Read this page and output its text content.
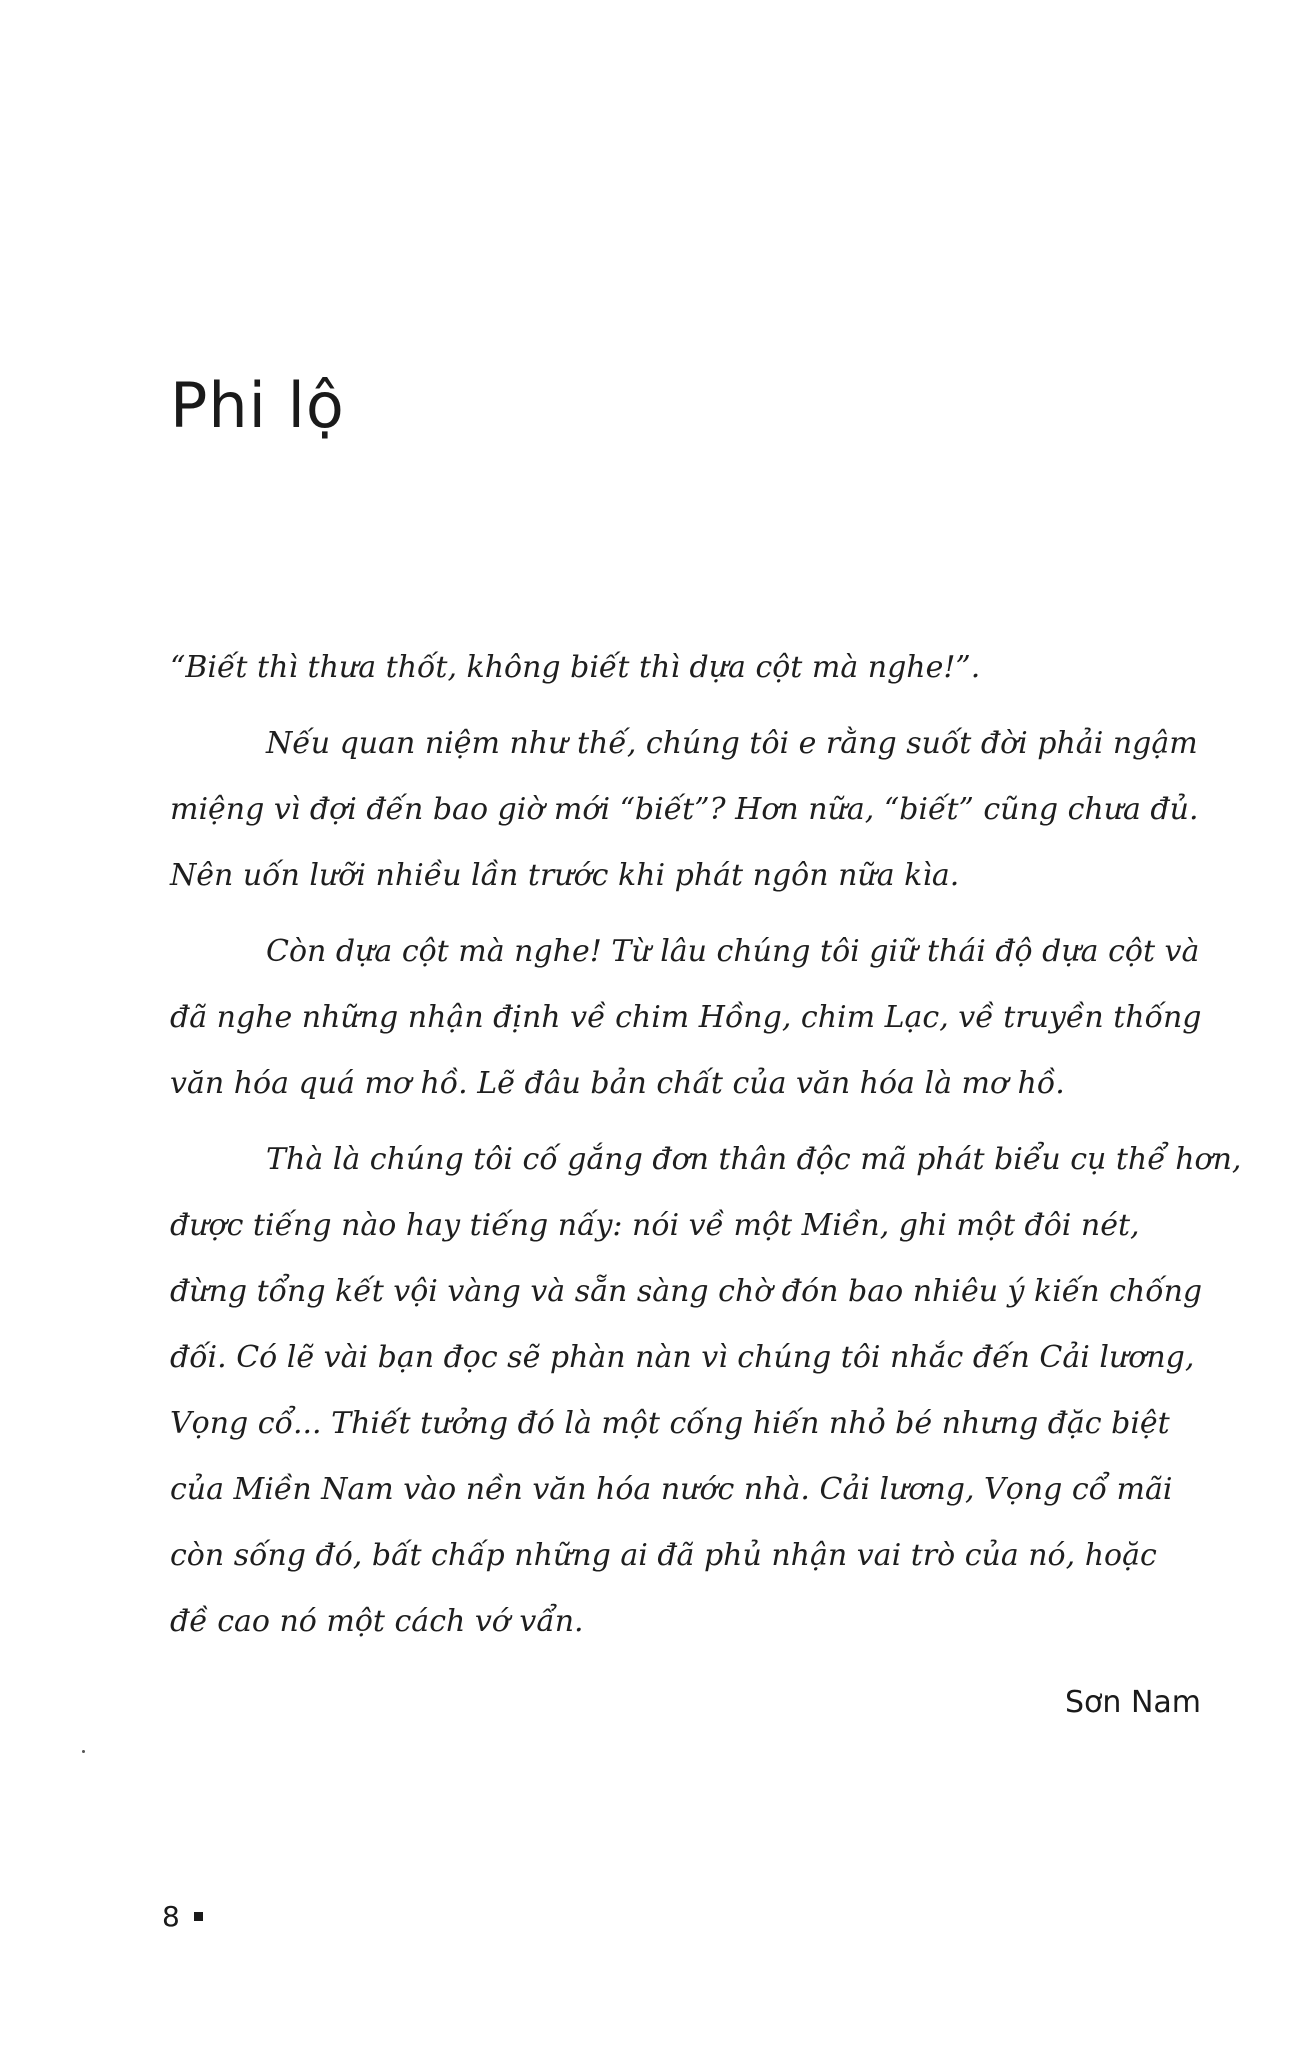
Phi lộ

“Biết thì thưa thốt, không biết thì dựa cột mà nghe!”.

Nếu quan niệm như thế, chúng tôi e rằng suốt đời phải ngậm
miệng vì đợi đến bao giờ mới “biết”? Hơn nữa, “biết” cũng chưa đủ.
Nên uốn lưỡi nhiều lần trước khi phát ngôn nữa kìa.

Còn dựa cột mà nghe! Từ lâu chúng tôi giữ thái độ dựa cột và
đã nghe những nhận định về chim Hồng, chim Lạc, về truyền thống
văn hóa quá mơ hồ. Lẽ đâu bản chất của văn hóa là mơ hồ.

Thà là chúng tôi cố gắng đơn thân độc mã phát biểu cụ thể hơn,
được tiếng nào hay tiếng nấy: nói về một Miền, ghi một đôi nét,
đừng tổng kết vội vàng và sẵn sàng chờ đón bao nhiêu ý kiến chống
đối. Có lẽ vài bạn đọc sẽ phàn nàn vì chúng tôi nhắc đến Cải lương,
Vọng cổ... Thiết tưởng đó là một cống hiến nhỏ bé nhưng đặc biệt
của Miền Nam vào nền văn hóa nước nhà. Cải lương, Vọng cổ mãi
còn sống đó, bất chấp những ai đã phủ nhận vai trò của nó, hoặc
đề cao nó một cách vớ vẩn.

Sơn Nam
8
